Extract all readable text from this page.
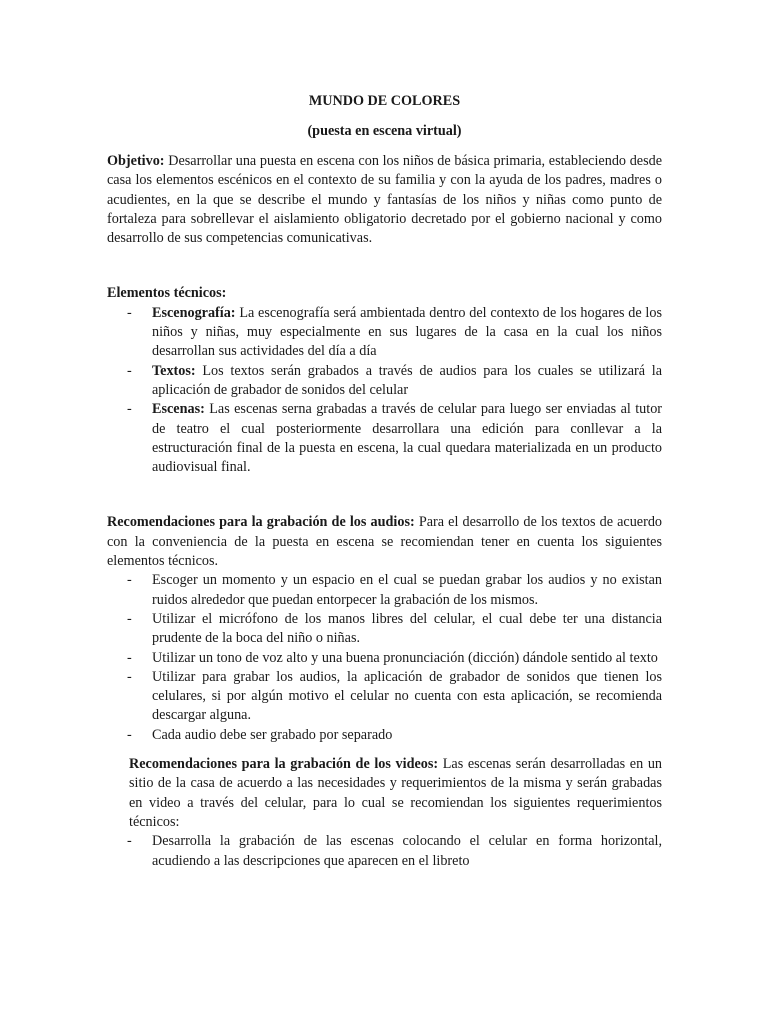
MUNDO DE COLORES
(puesta en escena virtual)

Objetivo: Desarrollar una puesta en escena con los niños de básica primaria, estableciendo desde casa los elementos escénicos en el contexto de su familia y con la ayuda de los padres, madres o acudientes, en la que se describe el mundo y fantasías de los niños y niñas como punto de fortaleza para sobrellevar el aislamiento obligatorio decretado por el gobierno nacional y como desarrollo de sus competencias comunicativas.

Elementos técnicos:

- Escenografía: La escenografía será ambientada dentro del contexto de los hogares de los niños y niñas, muy especialmente en sus lugares de la casa en la cual los niños desarrollan sus actividades del día a día
- Textos: Los textos serán grabados a través de audios para los cuales se utilizará la aplicación de grabador de sonidos del celular
- Escenas: Las escenas serna grabadas a través de celular para luego ser enviadas al tutor de teatro el cual posteriormente desarrollara una edición para conllevar a la estructuración final de la puesta en escena, la cual quedara materializada en un producto audiovisual final.

Recomendaciones para la grabación de los audios: Para el desarrollo de los textos de acuerdo con la conveniencia de la puesta en escena se recomiendan tener en cuenta los siguientes elementos técnicos.

- Escoger un momento y un espacio en el cual se puedan grabar los audios y no existan ruidos alrededor que puedan entorpecer la grabación de los mismos.
- Utilizar el micrófono de los manos libres del celular, el cual debe ter una distancia prudente de la boca del niño o niñas.
- Utilizar un tono de voz alto y una buena pronunciación (dicción) dándole sentido al texto
- Utilizar para grabar los audios, la aplicación de grabador de sonidos que tienen los celulares, si por algún motivo el celular no cuenta con esta aplicación, se recomienda descargar alguna.
- Cada audio debe ser grabado por separado

Recomendaciones para la grabación de los videos: Las escenas serán desarrolladas en un sitio de la casa de acuerdo a las necesidades y requerimientos de la misma y serán grabadas en video a través del celular, para lo cual se recomiendan los siguientes requerimientos técnicos:

- Desarrolla la grabación de las escenas colocando el celular en forma horizontal, acudiendo a las descripciones que aparecen en el libreto
